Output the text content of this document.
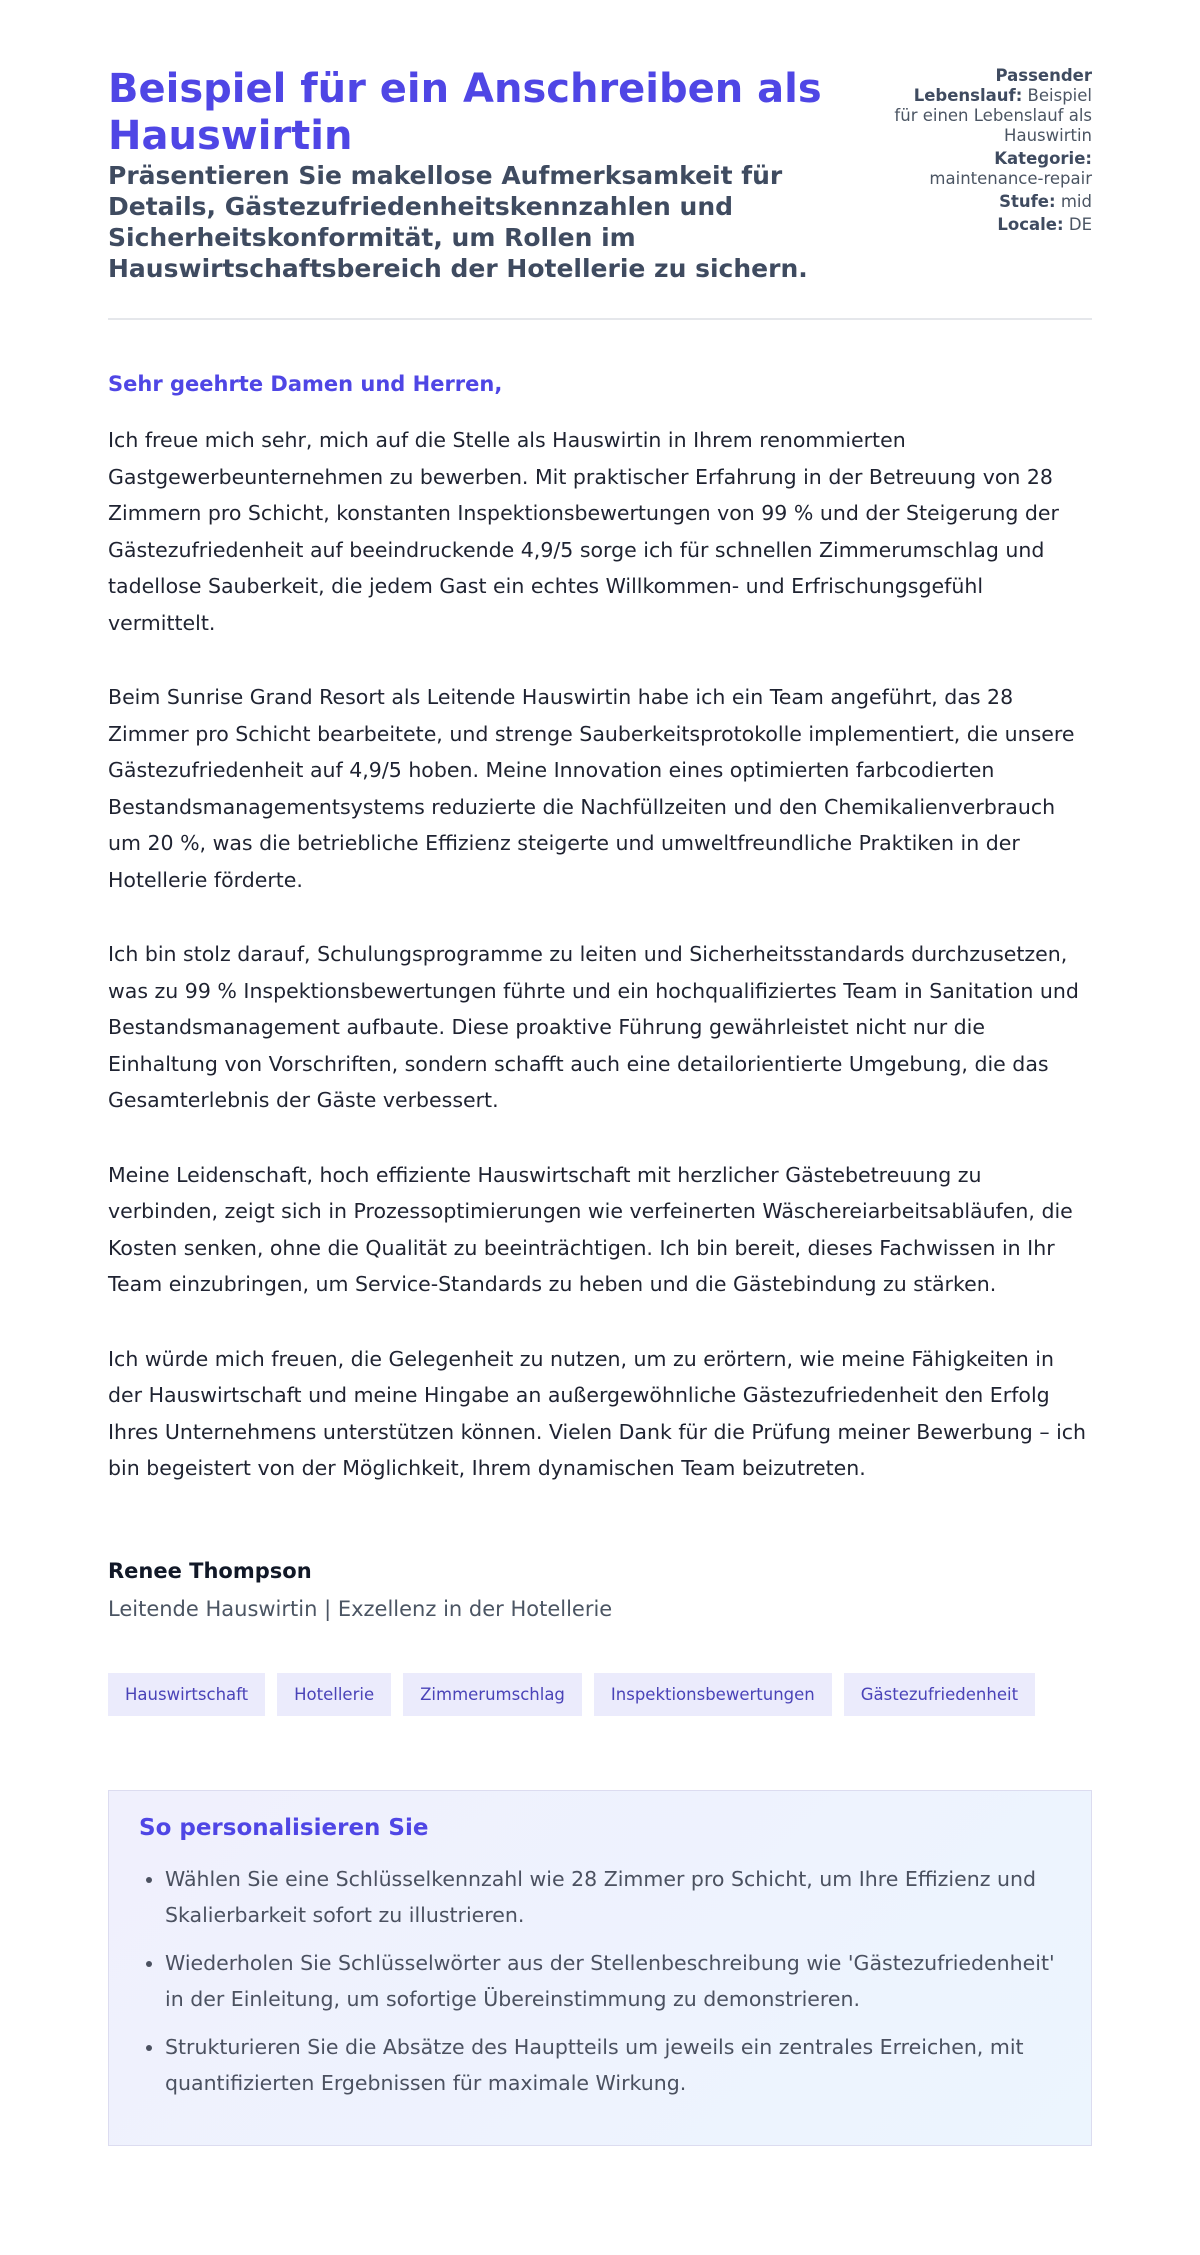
Beispiel für ein Anschreiben als Hauswirtin

Präsentieren Sie makellose Aufmerksamkeit für Details, Gästezufriedenheitskennzahlen und Sicherheitskonformität, um Rollen im Hauswirtschaftsbereich der Hotellerie zu sichern.

Passender Lebenslauf: Beispiel für einen Lebenslauf als Hauswirtin
Kategorie: maintenance-repair
Stufe: mid
Locale: DE
Sehr geehrte Damen und Herren,

Ich freue mich sehr, mich auf die Stelle als Hauswirtin in Ihrem renommierten Gastgewerbeunternehmen zu bewerben. Mit praktischer Erfahrung in der Betreuung von 28 Zimmern pro Schicht, konstanten Inspektionsbewertungen von 99 % und der Steigerung der Gästezufriedenheit auf beeindruckende 4,9/5 sorge ich für schnellen Zimmerumschlag und tadellose Sauberkeit, die jedem Gast ein echtes Willkommen- und Erfrischungsgefühl vermittelt.

Beim Sunrise Grand Resort als Leitende Hauswirtin habe ich ein Team angeführt, das 28 Zimmer pro Schicht bearbeitete, und strenge Sauberkeitsprotokolle implementiert, die unsere Gästezufriedenheit auf 4,9/5 hoben. Meine Innovation eines optimierten farbcodierten Bestandsmanagementsystems reduzierte die Nachfüllzeiten und den Chemikalienverbrauch um 20 %, was die betriebliche Effizienz steigerte und umweltfreundliche Praktiken in der Hotellerie förderte.

Ich bin stolz darauf, Schulungsprogramme zu leiten und Sicherheitsstandards durchzusetzen, was zu 99 % Inspektionsbewertungen führte und ein hochqualifiziertes Team in Sanitation und Bestandsmanagement aufbaute. Diese proaktive Führung gewährleistet nicht nur die Einhaltung von Vorschriften, sondern schafft auch eine detailorientierte Umgebung, die das Gesamterlebnis der Gäste verbessert.

Meine Leidenschaft, hoch effiziente Hauswirtschaft mit herzlicher Gästebetreuung zu verbinden, zeigt sich in Prozessoptimierungen wie verfeinerten Wäschereiarbeitsabläufen, die Kosten senken, ohne die Qualität zu beeinträchtigen. Ich bin bereit, dieses Fachwissen in Ihr Team einzubringen, um Service-Standards zu heben und die Gästebindung zu stärken.

Ich würde mich freuen, die Gelegenheit zu nutzen, um zu erörtern, wie meine Fähigkeiten in der Hauswirtschaft und meine Hingabe an außergewöhnliche Gästezufriedenheit den Erfolg Ihres Unternehmens unterstützen können. Vielen Dank für die Prüfung meiner Bewerbung – ich bin begeistert von der Möglichkeit, Ihrem dynamischen Team beizutreten.

Renee Thompson
Leitende Hauswirtin | Exzellenz in der Hotellerie
Hauswirtschaft	Hotellerie	Zimmerumschlag	Inspektionsbewertungen	Gästezufriedenheit
So personalisieren Sie
• Wählen Sie eine Schlüsselkennzahl wie 28 Zimmer pro Schicht, um Ihre Effizienz und Skalierbarkeit sofort zu illustrieren.
• Wiederholen Sie Schlüsselwörter aus der Stellenbeschreibung wie 'Gästezufriedenheit' in der Einleitung, um sofortige Übereinstimmung zu demonstrieren.
• Strukturieren Sie die Absätze des Hauptteils um jeweils ein zentrales Erreichen, mit quantifizierten Ergebnissen für maximale Wirkung.
